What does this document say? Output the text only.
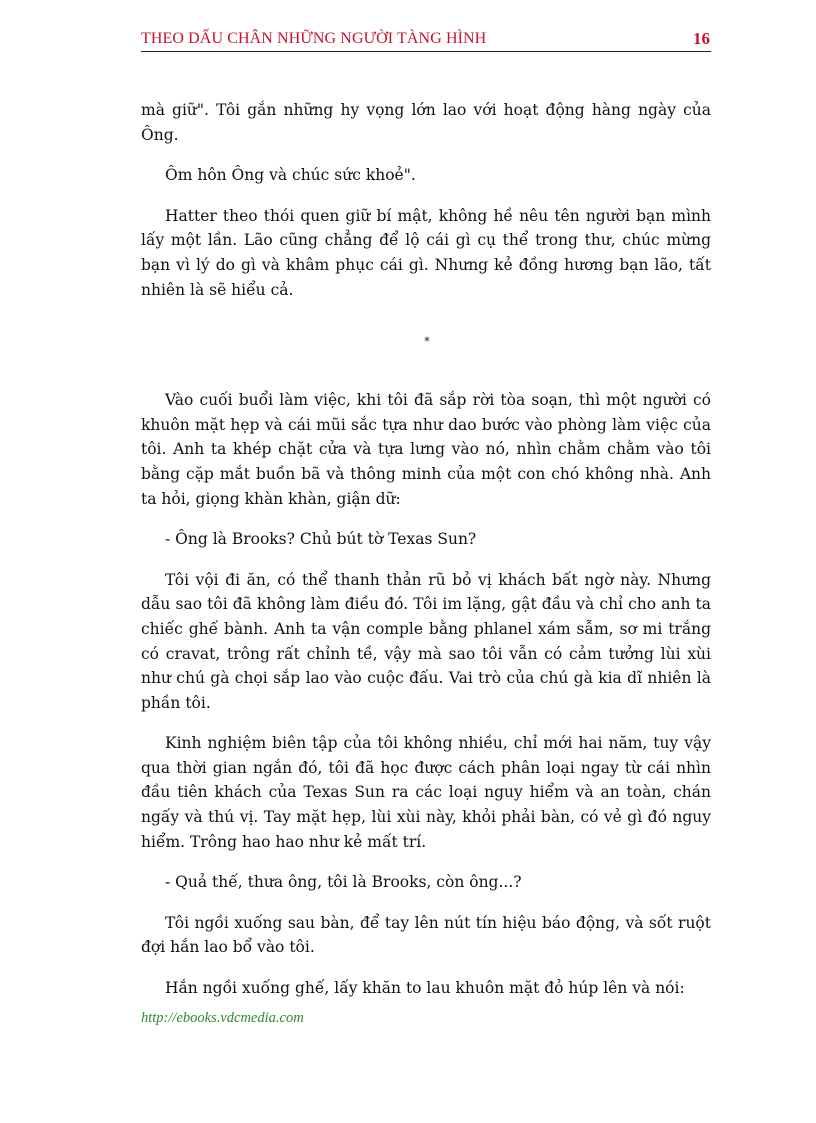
THEO DẤU CHÂN NHỮNG NGƯỜI TÀNG HÌNH	16

mà giữ". Tôi gắn những hy vọng lớn lao với hoạt động hàng ngày của Ông.

Ôm hôn Ông và chúc sức khoẻ".

Hatter theo thói quen giữ bí mật, không hề nêu tên người bạn mình lấy một lần. Lão cũng chẳng để lộ cái gì cụ thể trong thư, chúc mừng bạn vì lý do gì và khâm phục cái gì. Nhưng kẻ đồng hương bạn lão, tất nhiên là sẽ hiểu cả.

*

Vào cuối buổi làm việc, khi tôi đã sắp rời tòa soạn, thì một người có khuôn mặt hẹp và cái mũi sắc tựa như dao bước vào phòng làm việc của tôi. Anh ta khép chặt cửa và tựa lưng vào nó, nhìn chằm chằm vào tôi bằng cặp mắt buồn bã và thông minh của một con chó không nhà. Anh ta hỏi, giọng khàn khàn, giận dữ:

- Ông là Brooks? Chủ bút tờ Texas Sun?

Tôi vội đi ăn, có thể thanh thản rũ bỏ vị khách bất ngờ này. Nhưng dẫu sao tôi đã không làm điều đó. Tôi im lặng, gật đầu và chỉ cho anh ta chiếc ghế bành. Anh ta vận comple bằng phlanel xám sẫm, sơ mi trắng có cravat, trông rất chỉnh tề, vậy mà sao tôi vẫn có cảm tưởng lùi xùi như chú gà chọi sắp lao vào cuộc đấu. Vai trò của chú gà kia dĩ nhiên là phần tôi.

Kinh nghiệm biên tập của tôi không nhiều, chỉ mới hai năm, tuy vậy qua thời gian ngắn đó, tôi đã học được cách phân loại ngay từ cái nhìn đầu tiên khách của Texas Sun ra các loại nguy hiểm và an toàn, chán ngấy và thú vị. Tay mặt hẹp, lùi xùi này, khỏi phải bàn, có vẻ gì đó nguy hiểm. Trông hao hao như kẻ mất trí.

- Quả thế, thưa ông, tôi là Brooks, còn ông...?

Tôi ngồi xuống sau bàn, để tay lên nút tín hiệu báo động, và sốt ruột đợi hắn lao bổ vào tôi.

Hắn ngồi xuống ghế, lấy khăn to lau khuôn mặt đỏ húp lên và nói:

http://ebooks.vdcmedia.com
